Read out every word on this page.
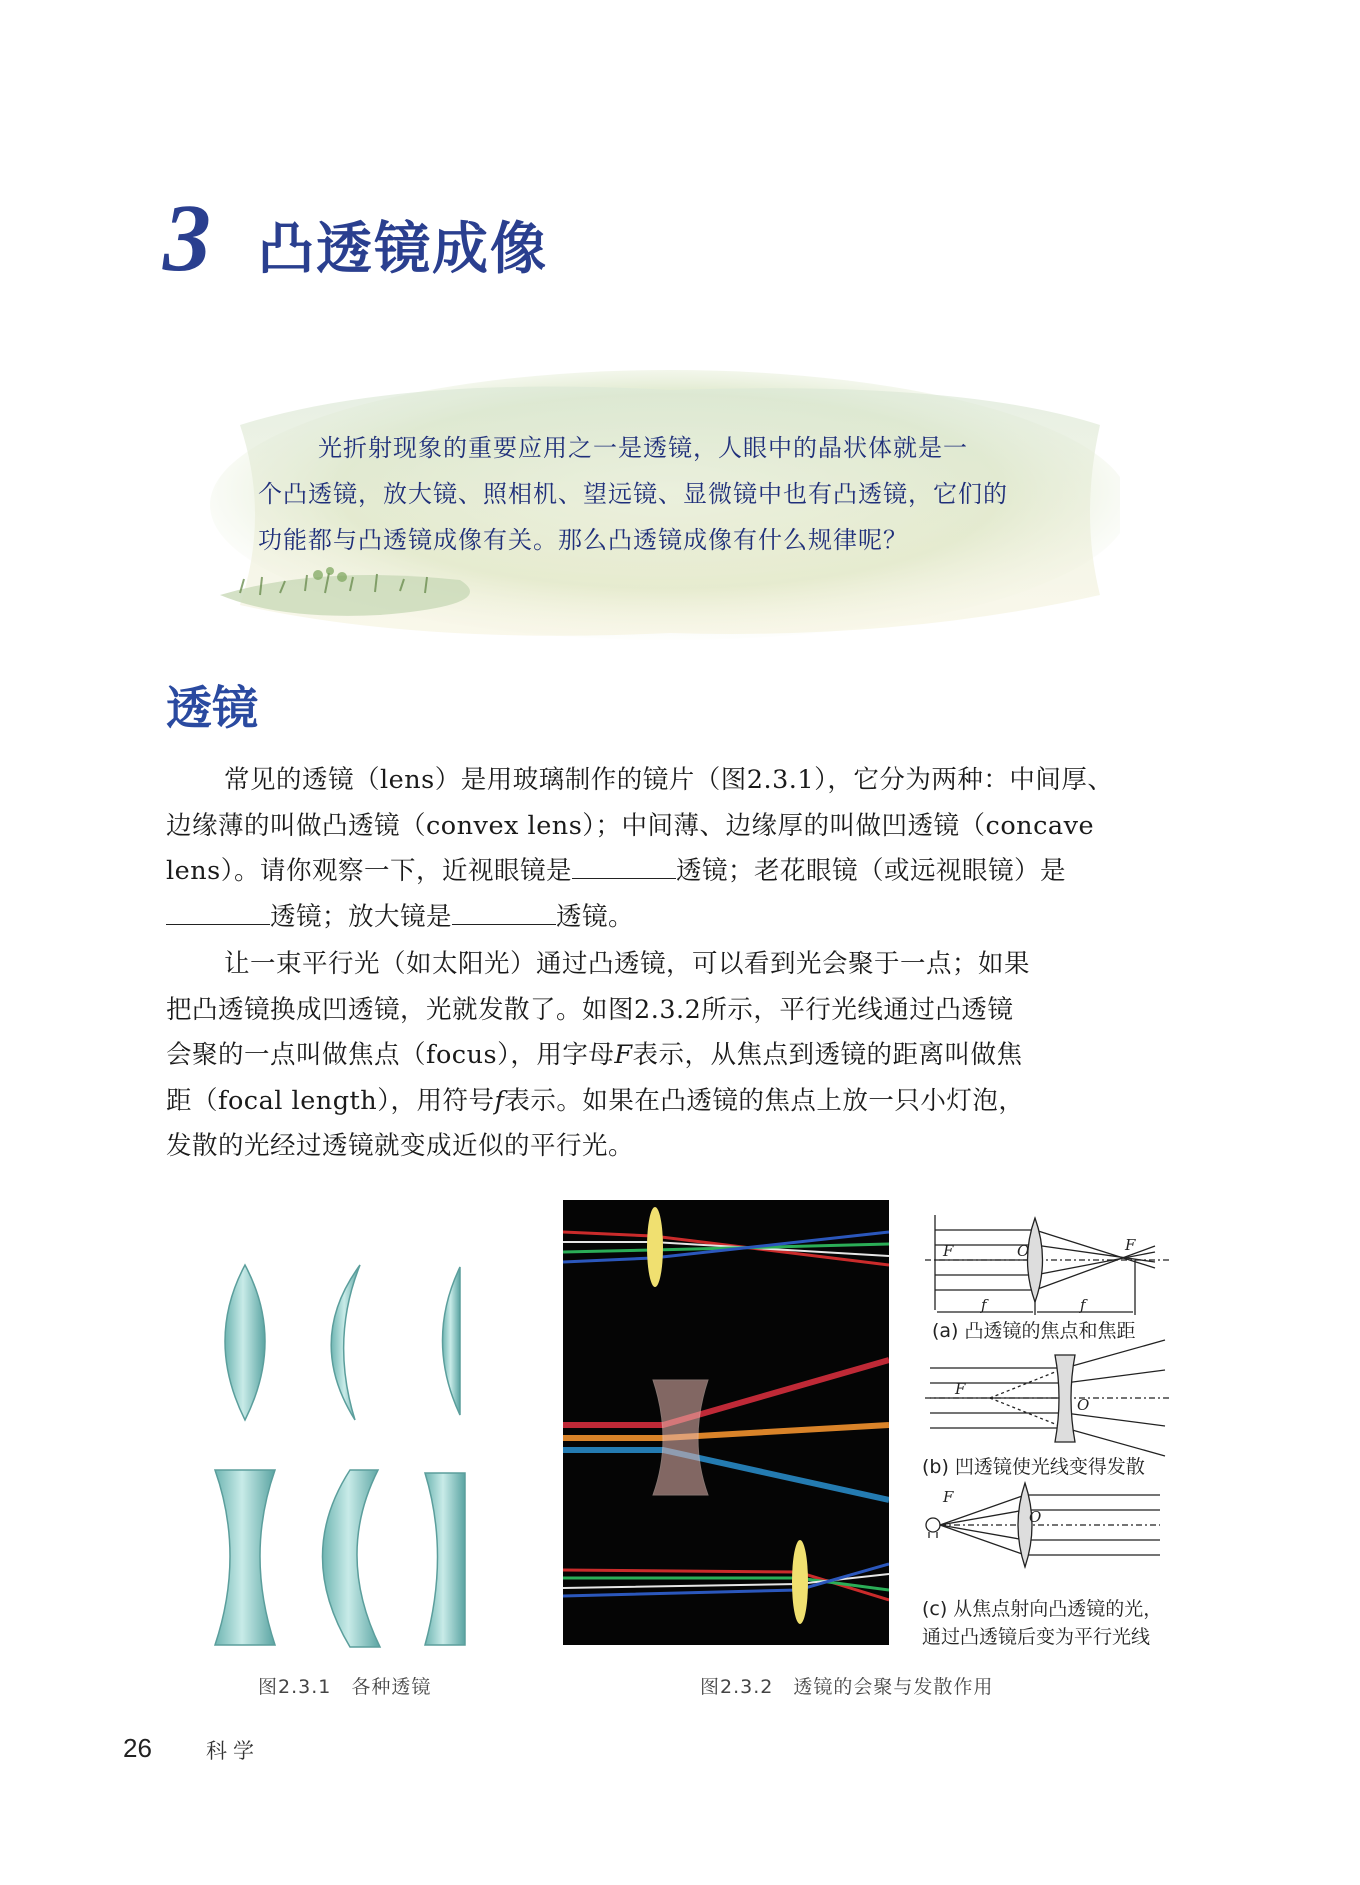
3 凸透镜成像
光折射现象的重要应用之一是透镜，人眼中的晶状体就是一
个凸透镜，放大镜、照相机、望远镜、显微镜中也有凸透镜，它们的
功能都与凸透镜成像有关。那么凸透镜成像有什么规律呢？
透镜
常见的透镜（lens）是用玻璃制作的镜片（图2.3.1），它分为两种：中间厚、
边缘薄的叫做凸透镜（convex lens）；中间薄、边缘厚的叫做凹透镜（concave
lens）。请你观察一下，近视眼镜是	透镜；老花眼镜（或远视眼镜）是
透镜；放大镜是	透镜。
让一束平行光（如太阳光）通过凸透镜，可以看到光会聚于一点；如果
把凸透镜换成凹透镜，光就发散了。如图2.3.2所示，平行光线通过凸透镜
会聚的一点叫做焦点（focus），用字母F表示，从焦点到透镜的距离叫做焦
距（focal length），用符号f表示。如果在凸透镜的焦点上放一只小灯泡，
发散的光经过透镜就变成近似的平行光。
F	O	F
f	f
F
O
F
O
(a) 凸透镜的焦点和焦距
(b) 凹透镜使光线变得发散
(c) 从焦点射向凸透镜的光，
通过凸透镜后变为平行光线
图2.3.1　各种透镜	图2.3.2　透镜的会聚与发散作用
26	科学
